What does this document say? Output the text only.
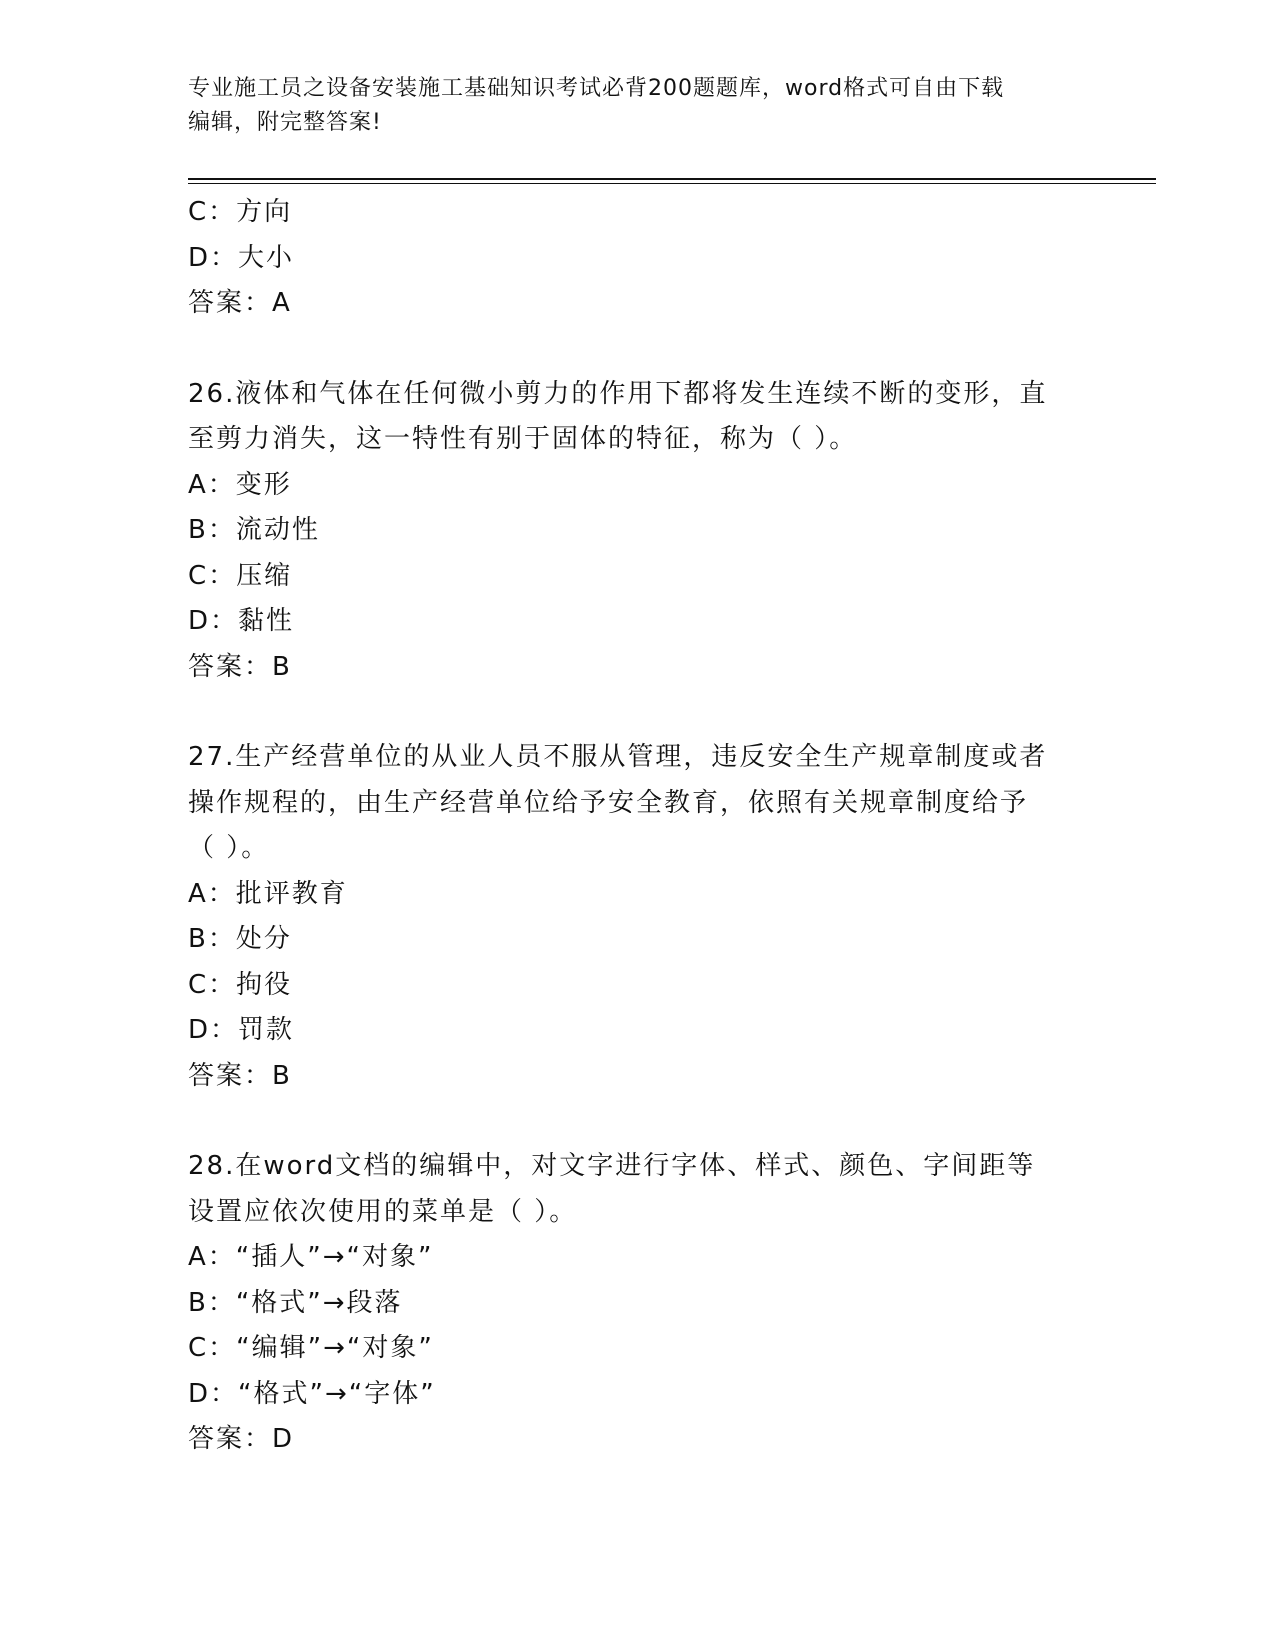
专业施工员之设备安装施工基础知识考试必背200题题库，word格式可自由下载
编辑，附完整答案!
C：方向
D：大小
答案：A
26.液体和气体在任何微小剪力的作用下都将发生连续不断的变形，直
至剪力消失，这一特性有别于固体的特征，称为（ ）。
A：变形
B：流动性
C：压缩
D：黏性
答案：B
27.生产经营单位的从业人员不服从管理，违反安全生产规章制度或者
操作规程的，由生产经营单位给予安全教育，依照有关规章制度给予
（ ）。
A：批评教育
B：处分
C：拘役
D：罚款
答案：B
28.在word文档的编辑中，对文字进行字体、样式、颜色、字间距等
设置应依次使用的菜单是（ ）。
A：“插人”→“对象”
B：“格式”→段落
C：“编辑”→“对象”
D：“格式”→“字体”
答案：D
